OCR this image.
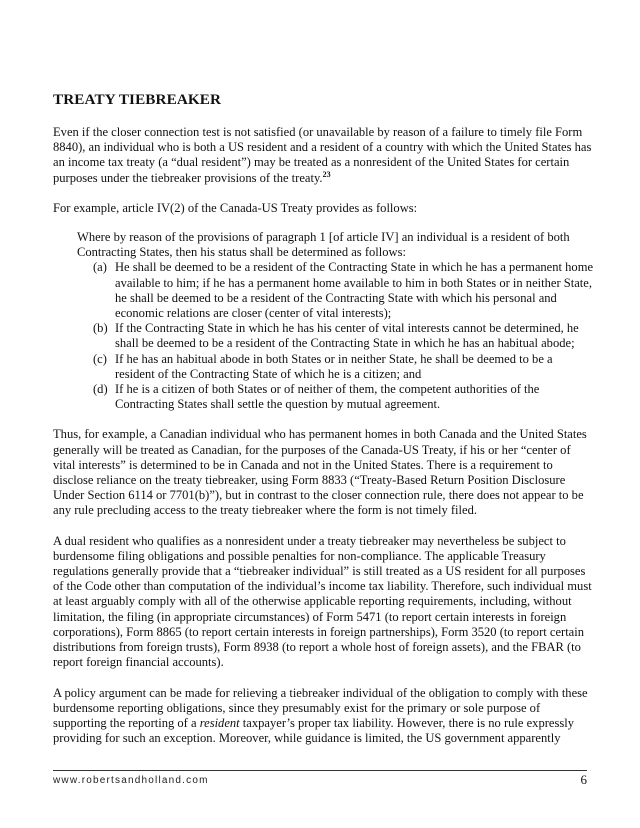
TREATY TIEBREAKER

Even if the closer connection test is not satisfied (or unavailable by reason of a failure to timely file Form 8840), an individual who is both a US resident and a resident of a country with which the United States has an income tax treaty (a “dual resident”) may be treated as a nonresident of the United States for certain purposes under the tiebreaker provisions of the treaty.$^{23}$

For example, article IV(2) of the Canada-US Treaty provides as follows:

Where by reason of the provisions of paragraph 1 [of article IV] an individual is a resident of both Contracting States, then his status shall be determined as follows:
(a) He shall be deemed to be a resident of the Contracting State in which he has a permanent home available to him; if he has a permanent home available to him in both States or in neither State, he shall be deemed to be a resident of the Contracting State with which his personal and economic relations are closer (center of vital interests);
(b) If the Contracting State in which he has his center of vital interests cannot be determined, he shall be deemed to be a resident of the Contracting State in which he has an habitual abode;
(c) If he has an habitual abode in both States or in neither State, he shall be deemed to be a resident of the Contracting State of which he is a citizen; and
(d) If he is a citizen of both States or of neither of them, the competent authorities of the Contracting States shall settle the question by mutual agreement.

Thus, for example, a Canadian individual who has permanent homes in both Canada and the United States generally will be treated as Canadian, for the purposes of the Canada-US Treaty, if his or her “center of vital interests” is determined to be in Canada and not in the United States. There is a requirement to disclose reliance on the treaty tiebreaker, using Form 8833 (“Treaty-Based Return Position Disclosure Under Section 6114 or 7701(b)”), but in contrast to the closer connection rule, there does not appear to be any rule precluding access to the treaty tiebreaker where the form is not timely filed.

A dual resident who qualifies as a nonresident under a treaty tiebreaker may nevertheless be subject to burdensome filing obligations and possible penalties for non-compliance. The applicable Treasury regulations generally provide that a “tiebreaker individual” is still treated as a US resident for all purposes of the Code other than computation of the individual’s income tax liability. Therefore, such individual must at least arguably comply with all of the otherwise applicable reporting requirements, including, without limitation, the filing (in appropriate circumstances) of Form 5471 (to report certain interests in foreign corporations), Form 8865 (to report certain interests in foreign partnerships), Form 3520 (to report certain distributions from foreign trusts), Form 8938 (to report a whole host of foreign assets), and the FBAR (to report foreign financial accounts).

A policy argument can be made for relieving a tiebreaker individual of the obligation to comply with these burdensome reporting obligations, since they presumably exist for the primary or sole purpose of supporting the reporting of a resident taxpayer’s proper tax liability. However, there is no rule expressly providing for such an exception. Moreover, while guidance is limited, the US government apparently

www.robertsandholland.com	6
